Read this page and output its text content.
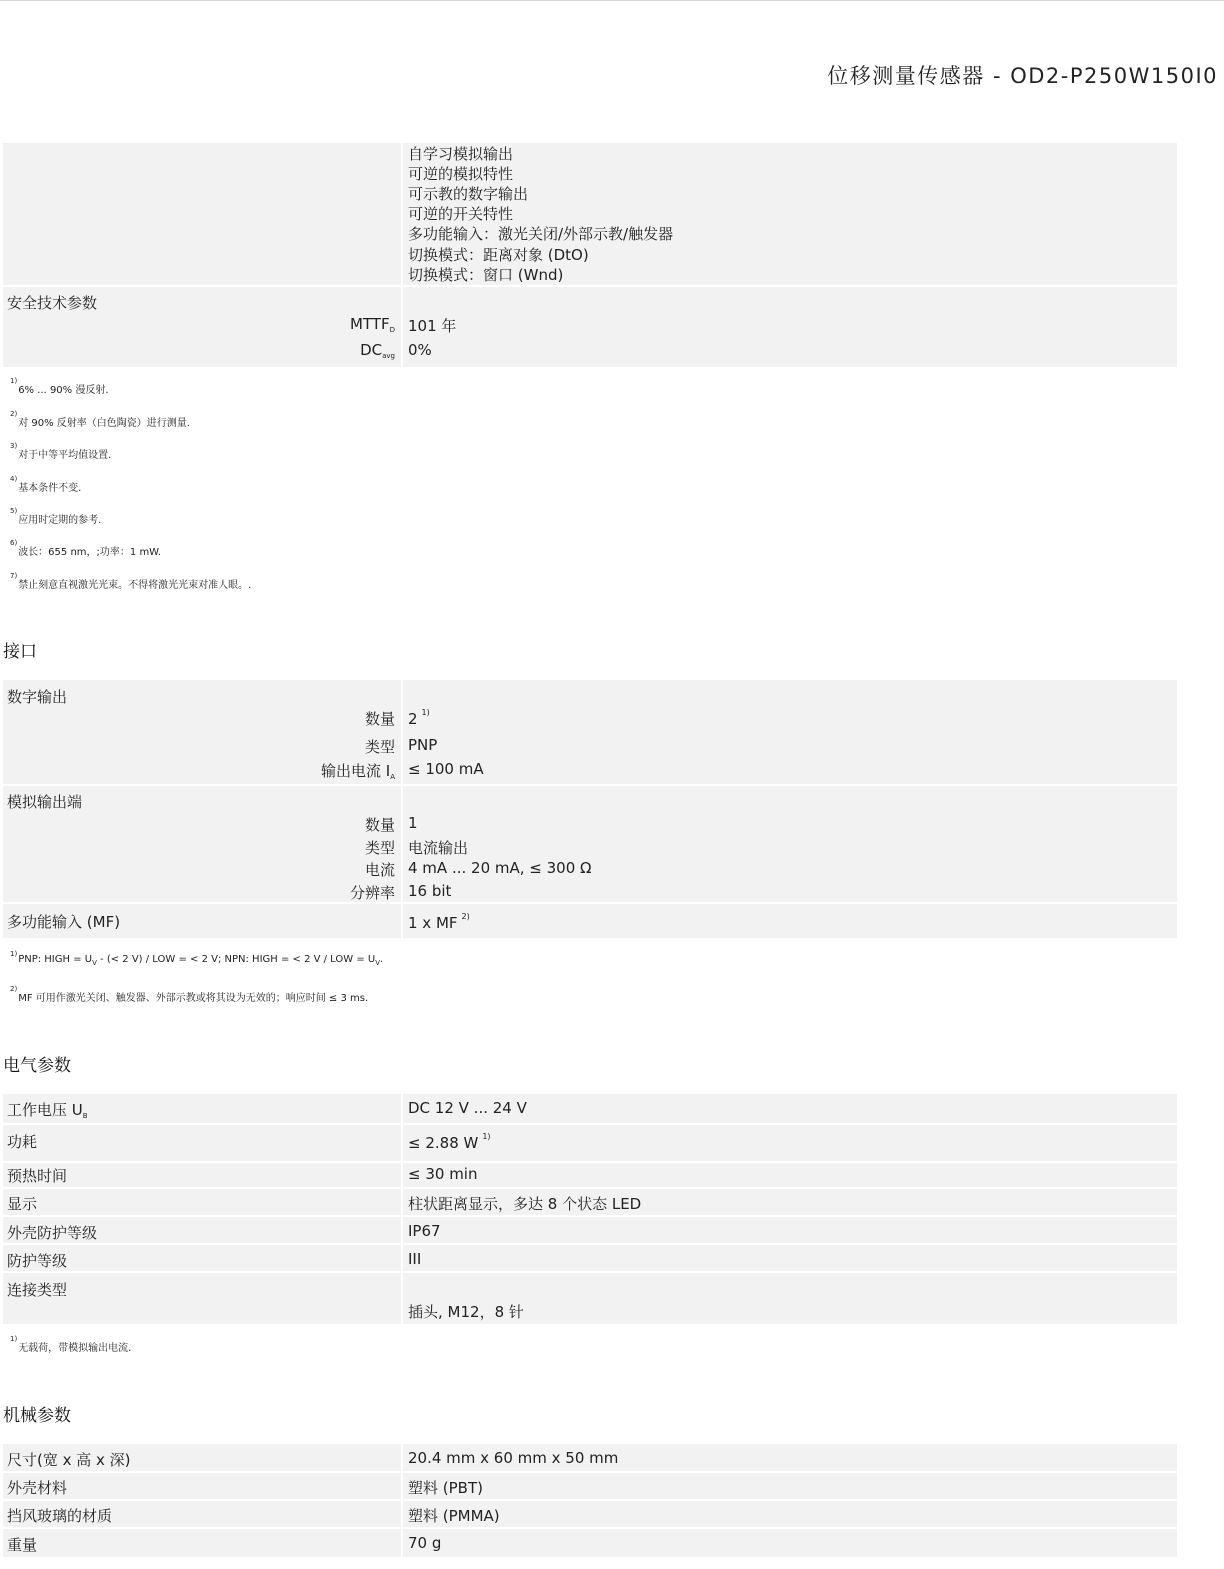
位移测量传感器 - OD2-P250W150I0
自学习模拟输出
可逆的模拟特性
可示教的数字输出
可逆的开关特性
多功能输入：激光关闭/外部示教/触发器
切换模式：距离对象 (DtO)
切换模式：窗口 (Wnd)
安全技术参数
$MTTF_D$ 101 年
$DC_{avg}$ 0%
$^{1)}$6% ... 90% 漫反射.
$^{2)}$对 90% 反射率（白色陶瓷）进行测量.
$^{3)}$对于中等平均值设置.
$^{4)}$基本条件不变.
$^{5)}$应用时定期的参考.
$^{6)}$波长：655 nm，;功率：1 mW.
$^{7)}$禁止刻意直视激光光束。不得将激光光束对准人眼。.
接口
数字输出
数量 2 $^{1)}$
类型 PNP
输出电流 $I_A \le 100$ mA
模拟输出端
数量 1
类型 电流输出
电流 4 mA ... 20 mA, ≤ 300 Ω
分辨率 16 bit
多功能输入 (MF)	1 x MF $^{2)}$
$^{1)}$PNP: HIGH = $U_V$ - (< 2 V) / LOW = < 2 V; NPN: HIGH = < 2 V / LOW = $U_V$.
$^{2)}$MF 可用作激光关闭、触发器、外部示教或将其设为无效的；响应时间 ≤ 3 ms.
电气参数
工作电压 $U_B$	DC 12 V ... 24 V
功耗	≤ 2.88 W $^{1)}$
预热时间	≤ 30 min
显示	柱状距离显示，多达 8 个状态 LED
外壳防护等级	IP67
防护等级	III
连接类型
插头, M12，8 针
$^{1)}$无载荷，带模拟输出电流.
机械参数
尺寸(宽 x 高 x 深)	20.4 mm x 60 mm x 50 mm
外壳材料	塑料 (PBT)
挡风玻璃的材质	塑料 (PMMA)
重量	70 g
